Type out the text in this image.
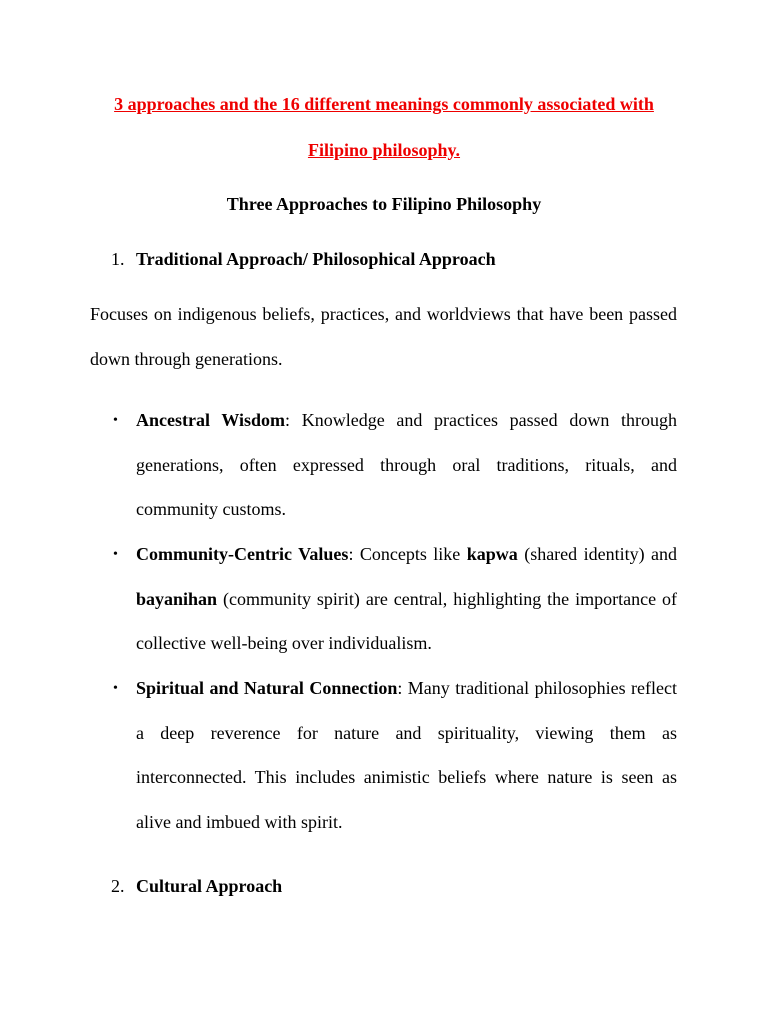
3 approaches and the 16 different meanings commonly associated with
Filipino philosophy.
Three Approaches to Filipino Philosophy
1. Traditional Approach/ Philosophical Approach
Focuses on indigenous beliefs, practices, and worldviews that have been passed down through generations.
• Ancestral Wisdom: Knowledge and practices passed down through generations, often expressed through oral traditions, rituals, and community customs.
• Community-Centric Values: Concepts like kapwa (shared identity) and bayanihan (community spirit) are central, highlighting the importance of collective well-being over individualism.
• Spiritual and Natural Connection: Many traditional philosophies reflect a deep reverence for nature and spirituality, viewing them as interconnected. This includes animistic beliefs where nature is seen as alive and imbued with spirit.
2. Cultural Approach
